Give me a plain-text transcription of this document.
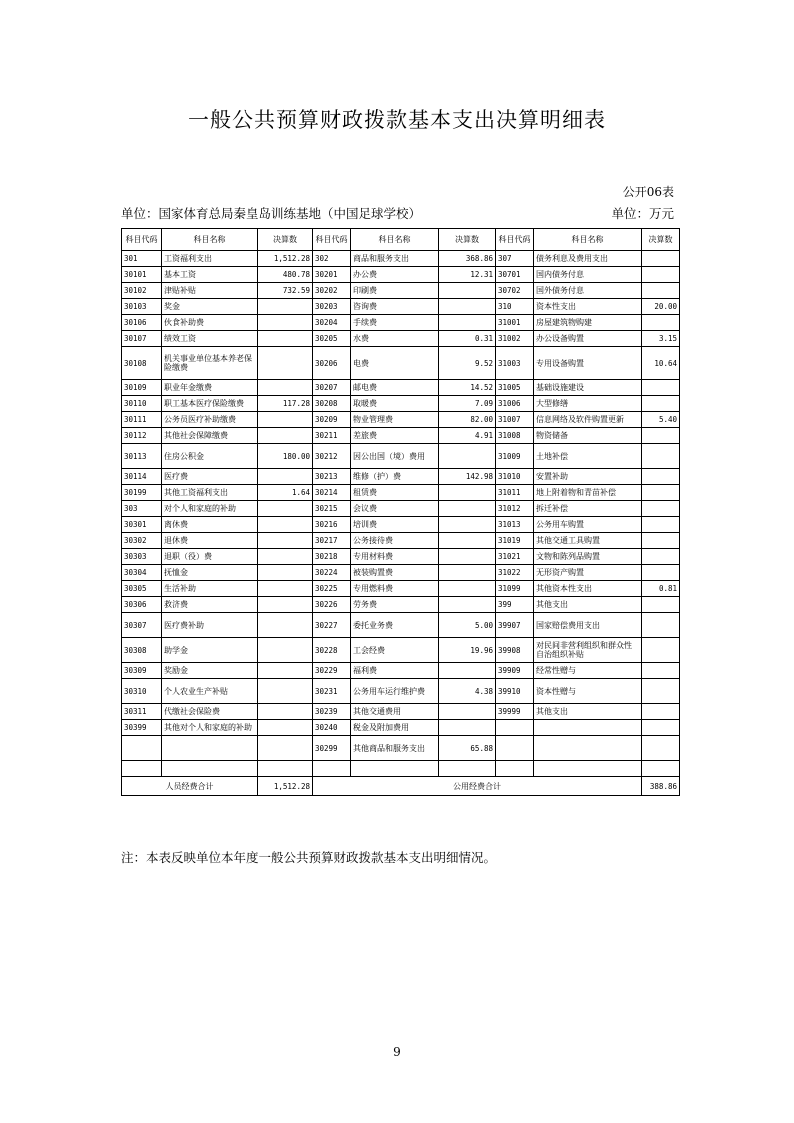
一般公共预算财政拨款基本支出决算明细表
公开06表
单位：国家体育总局秦皇岛训练基地（中国足球学校）	单位：万元
科目代码	科目名称	决算数	科目代码	科目名称	决算数	科目代码	科目名称	决算数
301	工资福利支出	1,512.28	302	商品和服务支出	368.86	307	债务利息及费用支出	
30101	基本工资	480.78	30201	办公费	12.31	30701	国内债务付息	
30102	津贴补贴	732.59	30202	印刷费		30702	国外债务付息	
30103	奖金		30203	咨询费		310	资本性支出	20.00
30106	伙食补助费		30204	手续费		31001	房屋建筑物购建	
30107	绩效工资		30205	水费	0.31	31002	办公设备购置	3.15
30108	机关事业单位基本养老保险缴费		30206	电费	9.52	31003	专用设备购置	10.64
30109	职业年金缴费		30207	邮电费	14.52	31005	基础设施建设	
30110	职工基本医疗保险缴费	117.28	30208	取暖费	7.09	31006	大型修缮	
30111	公务员医疗补助缴费		30209	物业管理费	82.00	31007	信息网络及软件购置更新	5.40
30112	其他社会保障缴费		30211	差旅费	4.91	31008	物资储备	
30113	住房公积金	180.00	30212	因公出国（境）费用		31009	土地补偿	
30114	医疗费		30213	维修（护）费	142.98	31010	安置补助	
30199	其他工资福利支出	1.64	30214	租赁费		31011	地上附着物和青苗补偿	
303	对个人和家庭的补助		30215	会议费		31012	拆迁补偿	
30301	离休费		30216	培训费		31013	公务用车购置	
30302	退休费		30217	公务接待费		31019	其他交通工具购置	
30303	退职（役）费		30218	专用材料费		31021	文物和陈列品购置	
30304	抚恤金		30224	被装购置费		31022	无形资产购置	
30305	生活补助		30225	专用燃料费		31099	其他资本性支出	0.81
30306	救济费		30226	劳务费		399	其他支出	
30307	医疗费补助		30227	委托业务费	5.00	39907	国家赔偿费用支出	
30308	助学金		30228	工会经费	19.96	39908	对民间非营利组织和群众性自治组织补贴	
30309	奖励金		30229	福利费		39909	经常性赠与	
30310	个人农业生产补贴		30231	公务用车运行维护费	4.38	39910	资本性赠与	
30311	代缴社会保险费		30239	其他交通费用		39999	其他支出	
30399	其他对个人和家庭的补助		30240	税金及附加费用				
			30299	其他商品和服务支出	65.88			

人员经费合计		1,512.28	公用经费合计					388.86
注：本表反映单位本年度一般公共预算财政拨款基本支出明细情况。
9
